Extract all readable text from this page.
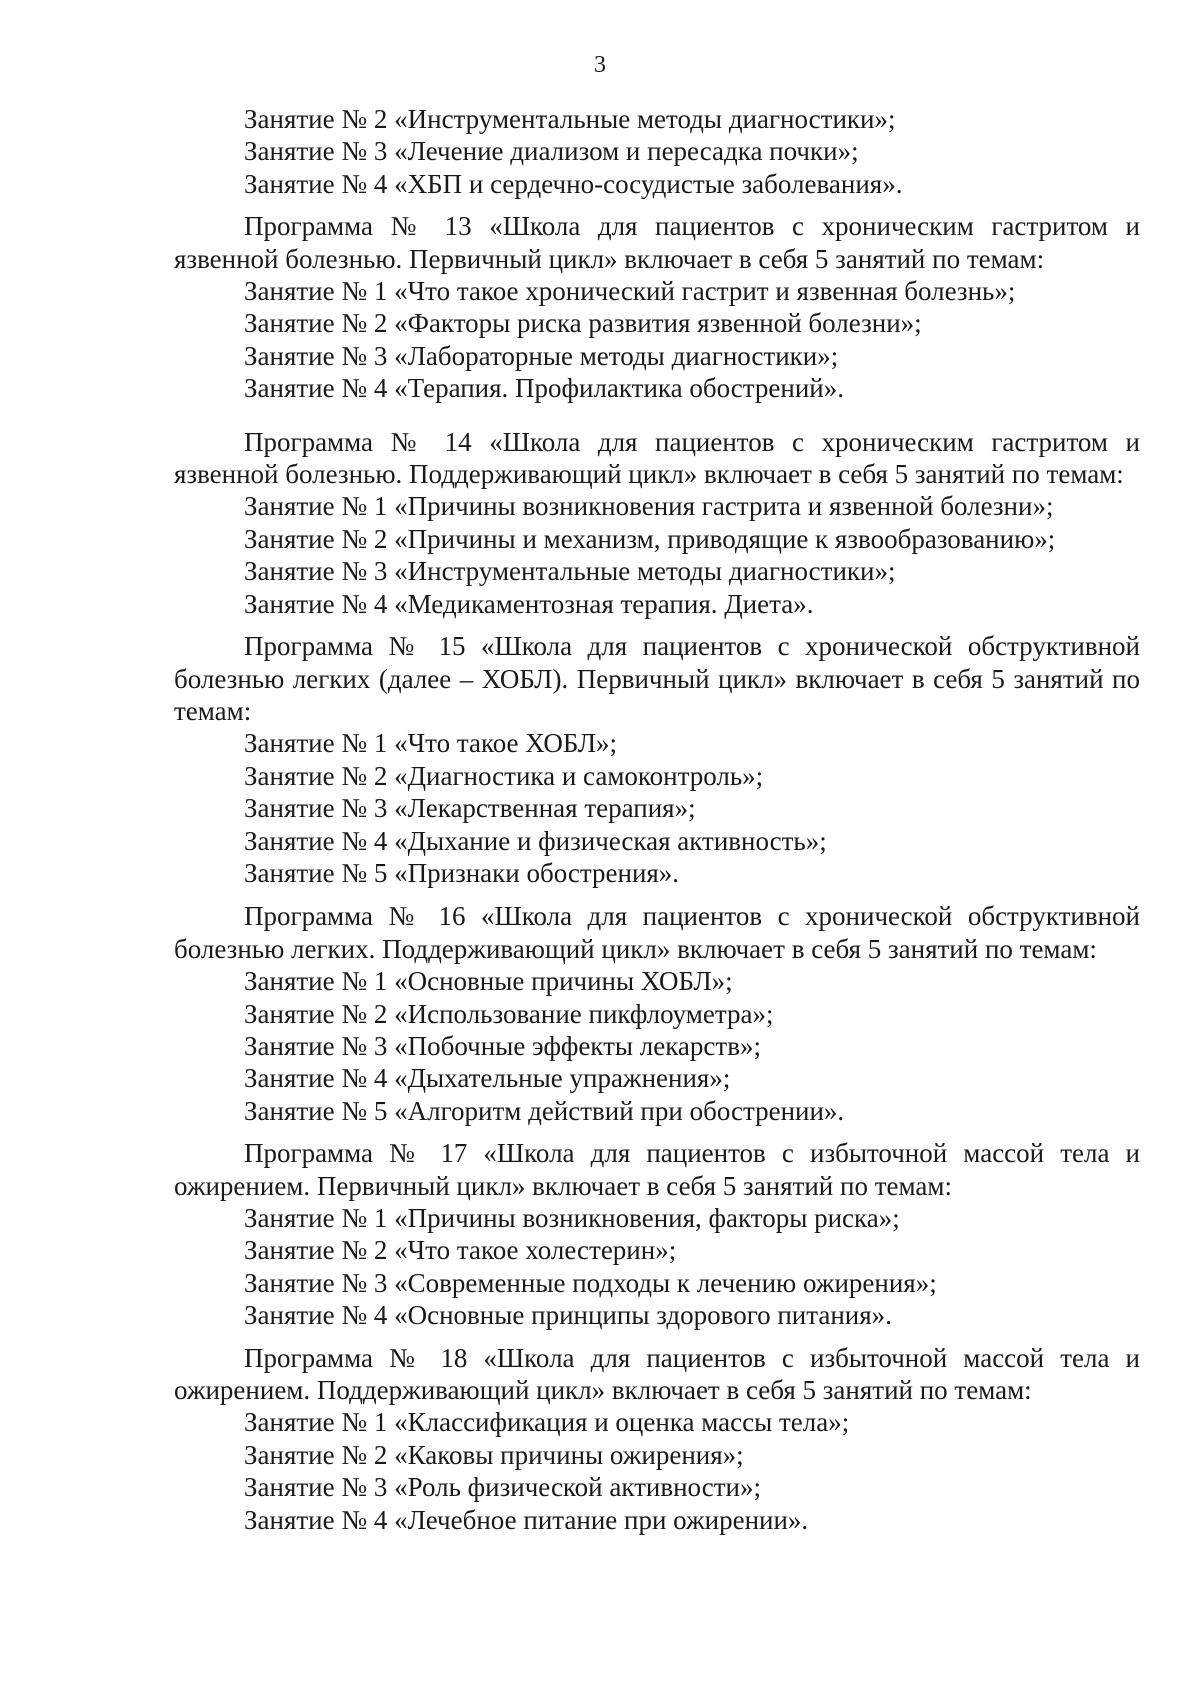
3
Занятие № 2 «Инструментальные методы диагностики»;
Занятие № 3 «Лечение диализом и пересадка почки»;
Занятие № 4 «ХБП и сердечно-сосудистые заболевания».
Программа № 13 «Школа для пациентов с хроническим гастритом и язвенной болезнью. Первичный цикл» включает в себя 5 занятий по темам:
Занятие № 1 «Что такое хронический гастрит и язвенная болезнь»;
Занятие № 2 «Факторы риска развития язвенной болезни»;
Занятие № 3 «Лабораторные методы диагностики»;
Занятие № 4 «Терапия. Профилактика обострений».
Программа № 14 «Школа для пациентов с хроническим гастритом и язвенной болезнью. Поддерживающий цикл» включает в себя 5 занятий по темам:
Занятие № 1 «Причины возникновения гастрита и язвенной болезни»;
Занятие № 2 «Причины и механизм, приводящие к язвообразованию»;
Занятие № 3 «Инструментальные методы диагностики»;
Занятие № 4 «Медикаментозная терапия. Диета».
Программа № 15 «Школа для пациентов с хронической обструктивной болезнью легких (далее – ХОБЛ). Первичный цикл» включает в себя 5 занятий по темам:
Занятие № 1 «Что такое ХОБЛ»;
Занятие № 2 «Диагностика и самоконтроль»;
Занятие № 3 «Лекарственная терапия»;
Занятие № 4 «Дыхание и физическая активность»;
Занятие № 5 «Признаки обострения».
Программа № 16 «Школа для пациентов с хронической обструктивной болезнью легких. Поддерживающий цикл» включает в себя 5 занятий по темам:
Занятие № 1 «Основные причины ХОБЛ»;
Занятие № 2 «Использование пикфлоуметра»;
Занятие № 3 «Побочные эффекты лекарств»;
Занятие № 4 «Дыхательные упражнения»;
Занятие № 5 «Алгоритм действий при обострении».
Программа № 17 «Школа для пациентов с избыточной массой тела и ожирением. Первичный цикл» включает в себя 5 занятий по темам:
Занятие № 1 «Причины возникновения, факторы риска»;
Занятие № 2 «Что такое холестерин»;
Занятие № 3 «Современные подходы к лечению ожирения»;
Занятие № 4 «Основные принципы здорового питания».
Программа № 18 «Школа для пациентов с избыточной массой тела и ожирением. Поддерживающий цикл» включает в себя 5 занятий по темам:
Занятие № 1 «Классификация и оценка массы тела»;
Занятие № 2 «Каковы причины ожирения»;
Занятие № 3 «Роль физической активности»;
Занятие № 4 «Лечебное питание при ожирении».
